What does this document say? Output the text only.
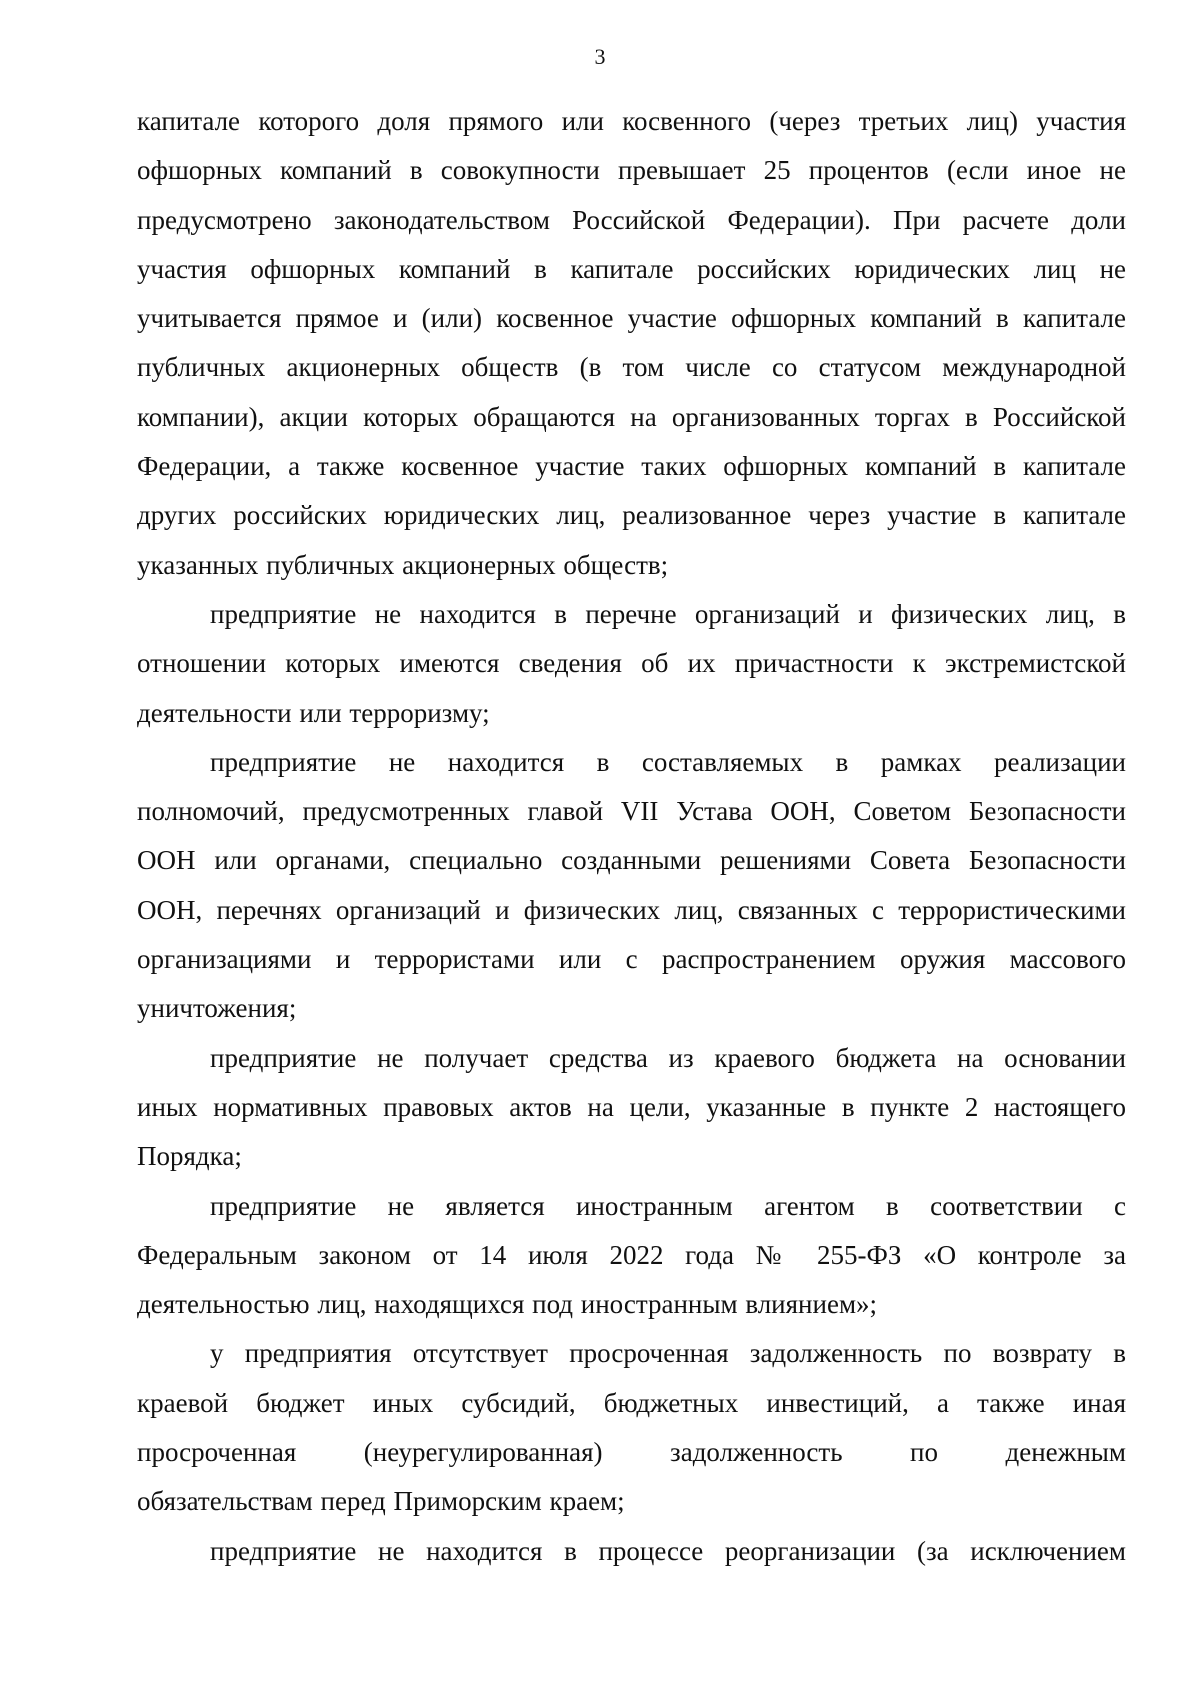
3

капитале которого доля прямого или косвенного (через третьих лиц) участия
офшорных компаний в совокупности превышает 25 процентов (если иное не
предусмотрено законодательством Российской Федерации). При расчете доли
участия офшорных компаний в капитале российских юридических лиц не
учитывается прямое и (или) косвенное участие офшорных компаний в капитале
публичных акционерных обществ (в том числе со статусом международной
компании), акции которых обращаются на организованных торгах в Российской
Федерации, а также косвенное участие таких офшорных компаний в капитале
других российских юридических лиц, реализованное через участие в капитале
указанных публичных акционерных обществ;

предприятие не находится в перечне организаций и физических лиц, в
отношении которых имеются сведения об их причастности к экстремистской
деятельности или терроризму;

предприятие не находится в составляемых в рамках реализации
полномочий, предусмотренных главой VII Устава ООН, Советом Безопасности
ООН или органами, специально созданными решениями Совета Безопасности
ООН, перечнях организаций и физических лиц, связанных с террористическими
организациями и террористами или с распространением оружия массового
уничтожения;

предприятие не получает средства из краевого бюджета на основании
иных нормативных правовых актов на цели, указанные в пункте 2 настоящего
Порядка;

предприятие не является иностранным агентом в соответствии с
Федеральным законом от 14 июля 2022 года № 255-ФЗ «О контроле за
деятельностью лиц, находящихся под иностранным влиянием»;

у предприятия отсутствует просроченная задолженность по возврату в
краевой бюджет иных субсидий, бюджетных инвестиций, а также иная
просроченная (неурегулированная) задолженность по денежным
обязательствам перед Приморским краем;

предприятие не находится в процессе реорганизации (за исключением
